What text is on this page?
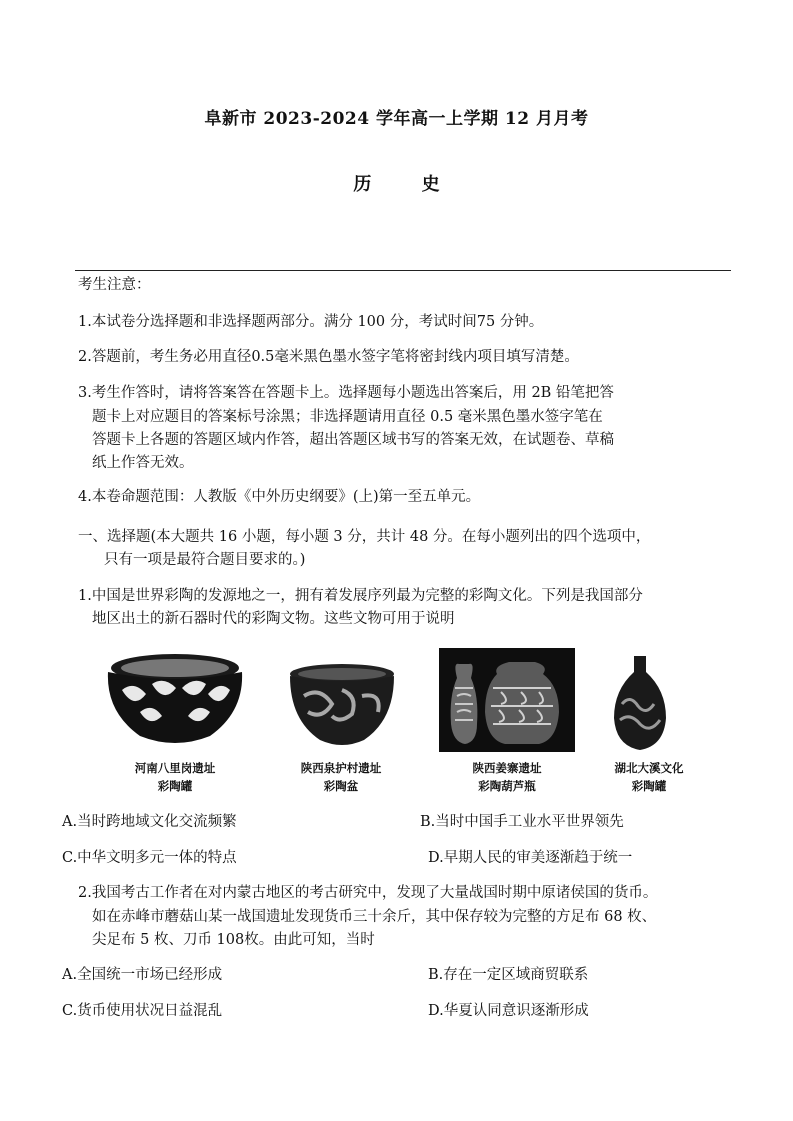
阜新市 2023-2024 学年高一上学期 12 月月考
历 史
考生注意：
1.本试卷分选择题和非选择题两部分。满分 100 分，考试时间75 分钟。
2.答题前，考生务必用直径0.5毫米黑色墨水签字笔将密封线内项目填写清楚。
3.考生作答时，请将答案答在答题卡上。选择题每小题选出答案后，用 2B 铅笔把答
题卡上对应题目的答案标号涂黑；非选择题请用直径 0.5 毫米黑色墨水签字笔在
答题卡上各题的答题区域内作答，超出答题区域书写的答案无效，在试题卷、草稿
纸上作答无效。
4.本卷命题范围：人教版《中外历史纲要》(上)第一至五单元。
一、选择题(本大题共 16 小题，每小题 3 分，共计 48 分。在每小题列出的四个选项中，
只有一项是最符合题目要求的。)
1.中国是世界彩陶的发源地之一，拥有着发展序列最为完整的彩陶文化。下列是我国部分
地区出土的新石器时代的彩陶文物。这些文物可用于说明
河南八里岗遗址
彩陶罐
陕西泉护村遗址
彩陶盆
陕西姜寨遗址
彩陶葫芦瓶
湖北大溪文化
彩陶罐
A.当时跨地域文化交流频繁	B.当时中国手工业水平世界领先
C.中华文明多元一体的特点	D.早期人民的审美逐渐趋于统一
2.我国考古工作者在对内蒙古地区的考古研究中，发现了大量战国时期中原诸侯国的货币。
如在赤峰市蘑菇山某一战国遗址发现货币三十余斤，其中保存较为完整的方足布 68 枚、
尖足布 5 枚、刀币 108枚。由此可知，当时
A.全国统一市场已经形成	B.存在一定区域商贸联系
C.货币使用状况日益混乱	D.华夏认同意识逐渐形成
